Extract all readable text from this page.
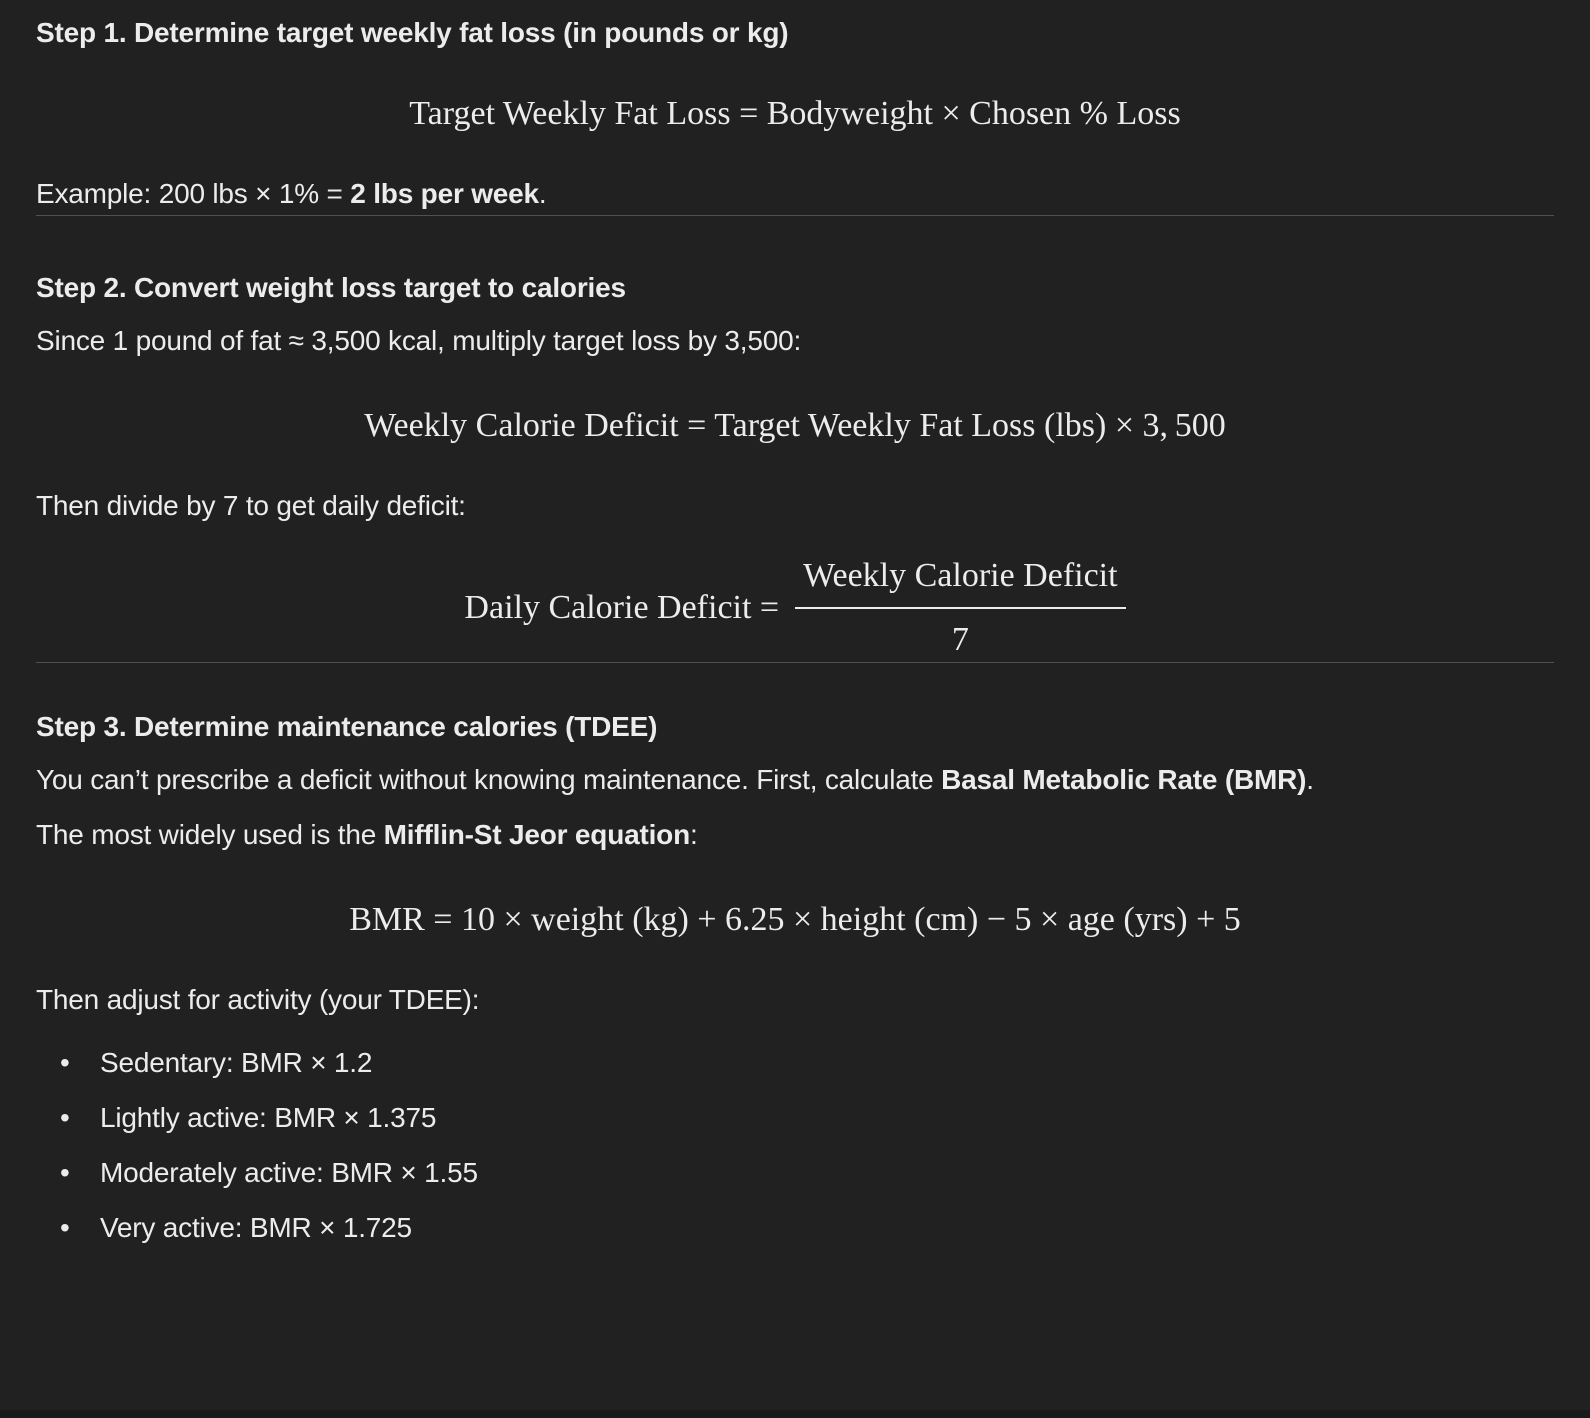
Step 1. Determine target weekly fat loss (in pounds or kg)
Target Weekly Fat Loss = Bodyweight × Chosen % Loss
Example: 200 lbs × 1% = 2 lbs per week.
Step 2. Convert weight loss target to calories
Since 1 pound of fat ≈ 3,500 kcal, multiply target loss by 3,500:
Weekly Calorie Deficit = Target Weekly Fat Loss (lbs) × 3, 500
Then divide by 7 to get daily deficit:
Daily Calorie Deficit = $\frac{\text{Weekly Calorie Deficit}}{7}$
Step 3. Determine maintenance calories (TDEE)
You can’t prescribe a deficit without knowing maintenance. First, calculate Basal Metabolic Rate (BMR).
The most widely used is the Mifflin-St Jeor equation:
BMR = 10 × weight (kg) + 6.25 × height (cm) − 5 × age (yrs) + 5
Then adjust for activity (your TDEE):
• Sedentary: BMR × 1.2
• Lightly active: BMR × 1.375
• Moderately active: BMR × 1.55
• Very active: BMR × 1.725
